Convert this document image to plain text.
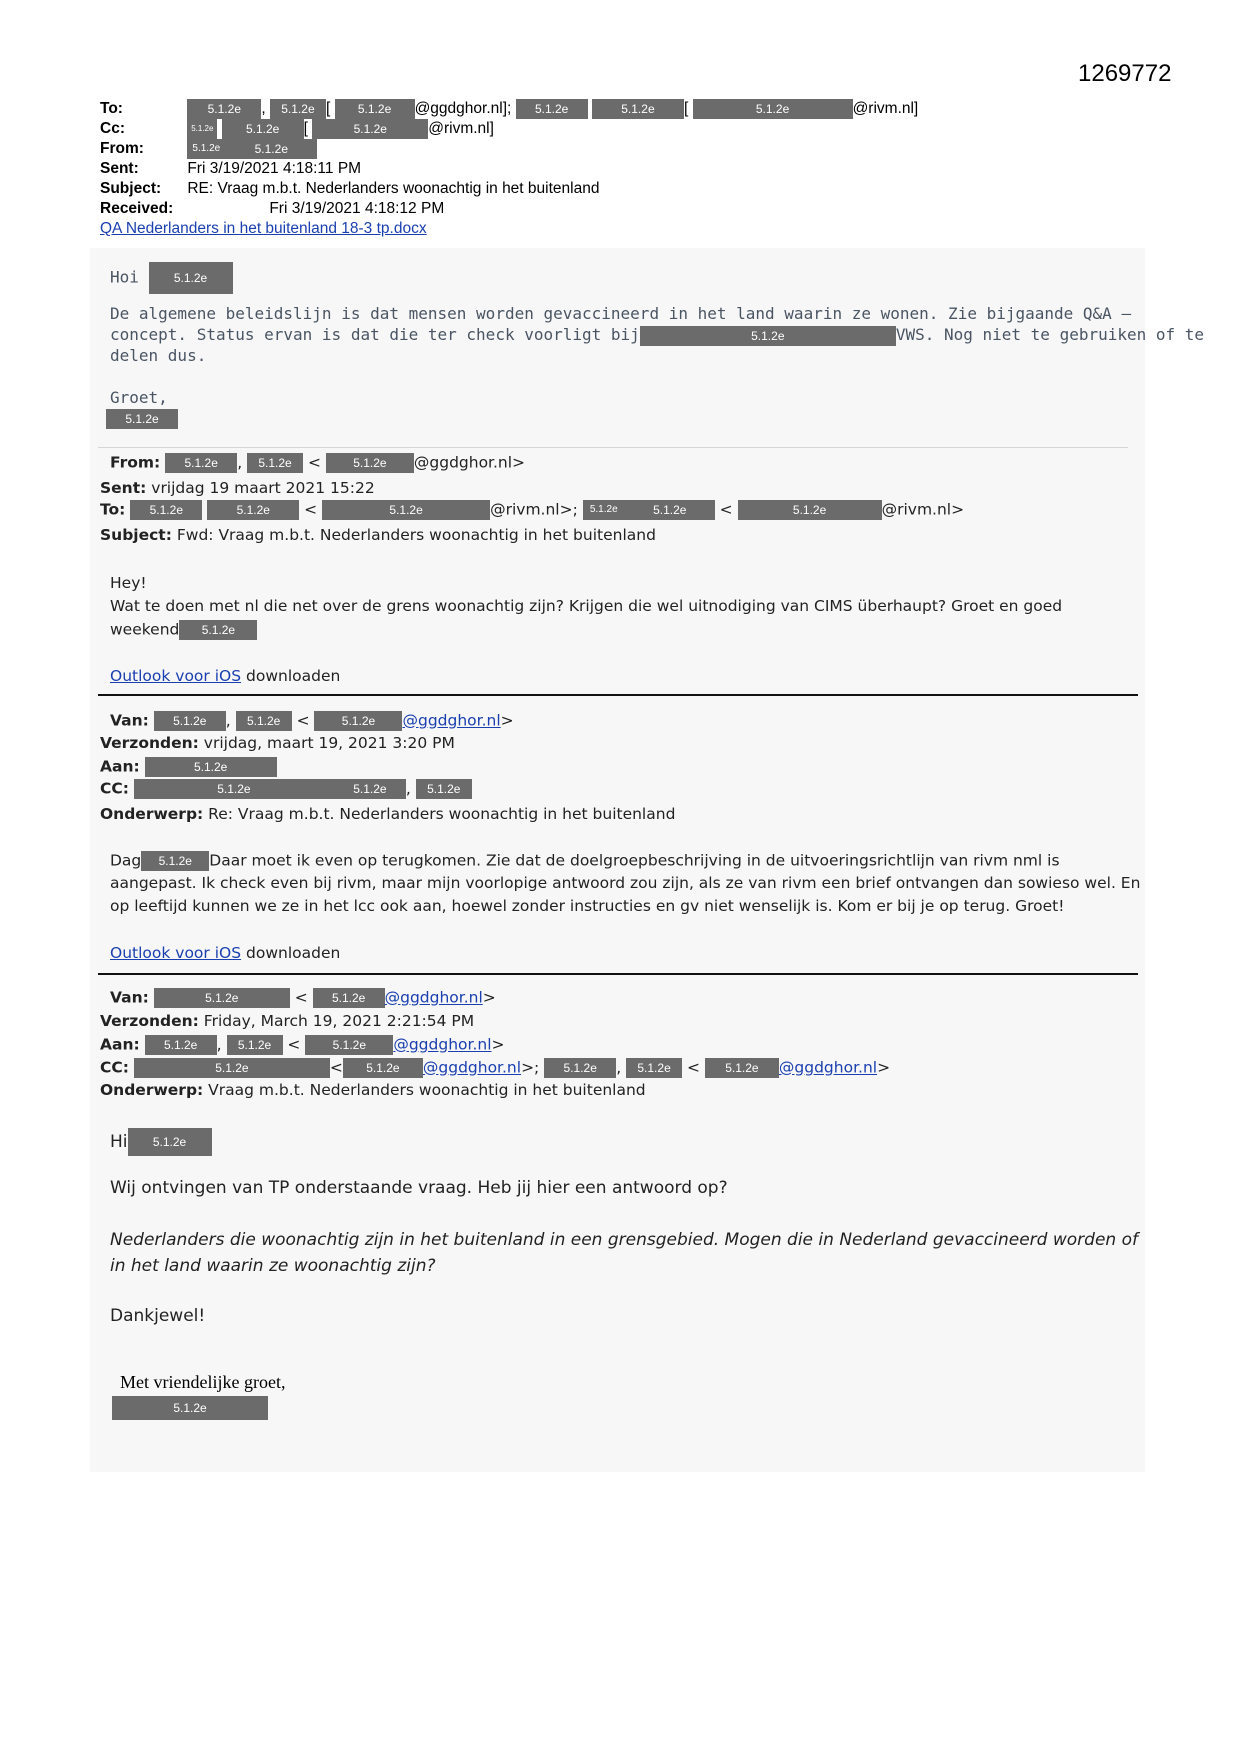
1269772
To:	5.1.2e , 5.1.2e [ 5.1.2e @ggdghor.nl]; 5.1.2e	5.1.2e [	5.1.2e	@rivm.nl]
Cc:	5.1.2e	5.1.2e [	5.1.2e	@rivm.nl]
From:	5.1.2e	5.1.2e
Sent:	Fri 3/19/2021 4:18:11 PM
Subject: RE: Vraag m.b.t. Nederlanders woonachtig in het buitenland
Received:	Fri 3/19/2021 4:18:12 PM
QA Nederlanders in het buitenland 18-3 tp.docx
Hoi	5.1.2e
De algemene beleidslijn is dat mensen worden gevaccineerd in het land waarin ze wonen. Zie bijgaande Q&A –
concept. Status ervan is dat die ter check voorligt bij	5.1.2e	VWS. Nog niet te gebruiken of te
delen dus.
Groet,
5.1.2e
From: 5.1.2e , 5.1.2e < 5.1.2e @ggdghor.nl>
Sent: vrijdag 19 maart 2021 15:22
To: 5.1.2e	5.1.2e <	5.1.2e	@rivm.nl>; 5.1.2e	5.1.2e <	5.1.2e	@rivm.nl>
Subject: Fwd: Vraag m.b.t. Nederlanders woonachtig in het buitenland
Hey!
Wat te doen met nl die net over de grens woonachtig zijn? Krijgen die wel uitnodiging van CIMS überhaupt? Groet en goed
weekend 5.1.2e
Outlook voor iOS downloaden
Van: 5.1.2e , 5.1.2e < 5.1.2e @ggdghor.nl>
Verzonden: vrijdag, maart 19, 2021 3:20 PM
Aan:	5.1.2e
CC:	5.1.2e	5.1.2e , 5.1.2e
Onderwerp: Re: Vraag m.b.t. Nederlanders woonachtig in het buitenland
Dag 5.1.2e Daar moet ik even op terugkomen. Zie dat de doelgroepbeschrijving in de uitvoeringsrichtlijn van rivm nml is
aangepast. Ik check even bij rivm, maar mijn voorlopige antwoord zou zijn, als ze van rivm een brief ontvangen dan sowieso wel. En
op leeftijd kunnen we ze in het lcc ook aan, hoewel zonder instructies en gv niet wenselijk is. Kom er bij je op terug. Groet!
Outlook voor iOS downloaden
Van:	5.1.2e	< 5.1.2e @ggdghor.nl>
Verzonden: Friday, March 19, 2021 2:21:54 PM
Aan: 5.1.2e , 5.1.2e < 5.1.2e @ggdghor.nl>
CC:	5.1.2e	< 5.1.2e @ggdghor.nl>; 5.1.2e , 5.1.2e < 5.1.2e @ggdghor.nl>
Onderwerp: Vraag m.b.t. Nederlanders woonachtig in het buitenland
Hi 5.1.2e
Wij ontvingen van TP onderstaande vraag. Heb jij hier een antwoord op?
Nederlanders die woonachtig zijn in het buitenland in een grensgebied. Mogen die in Nederland gevaccineerd worden of
in het land waarin ze woonachtig zijn?
Dankjewel!
Met vriendelijke groet,
5.1.2e
